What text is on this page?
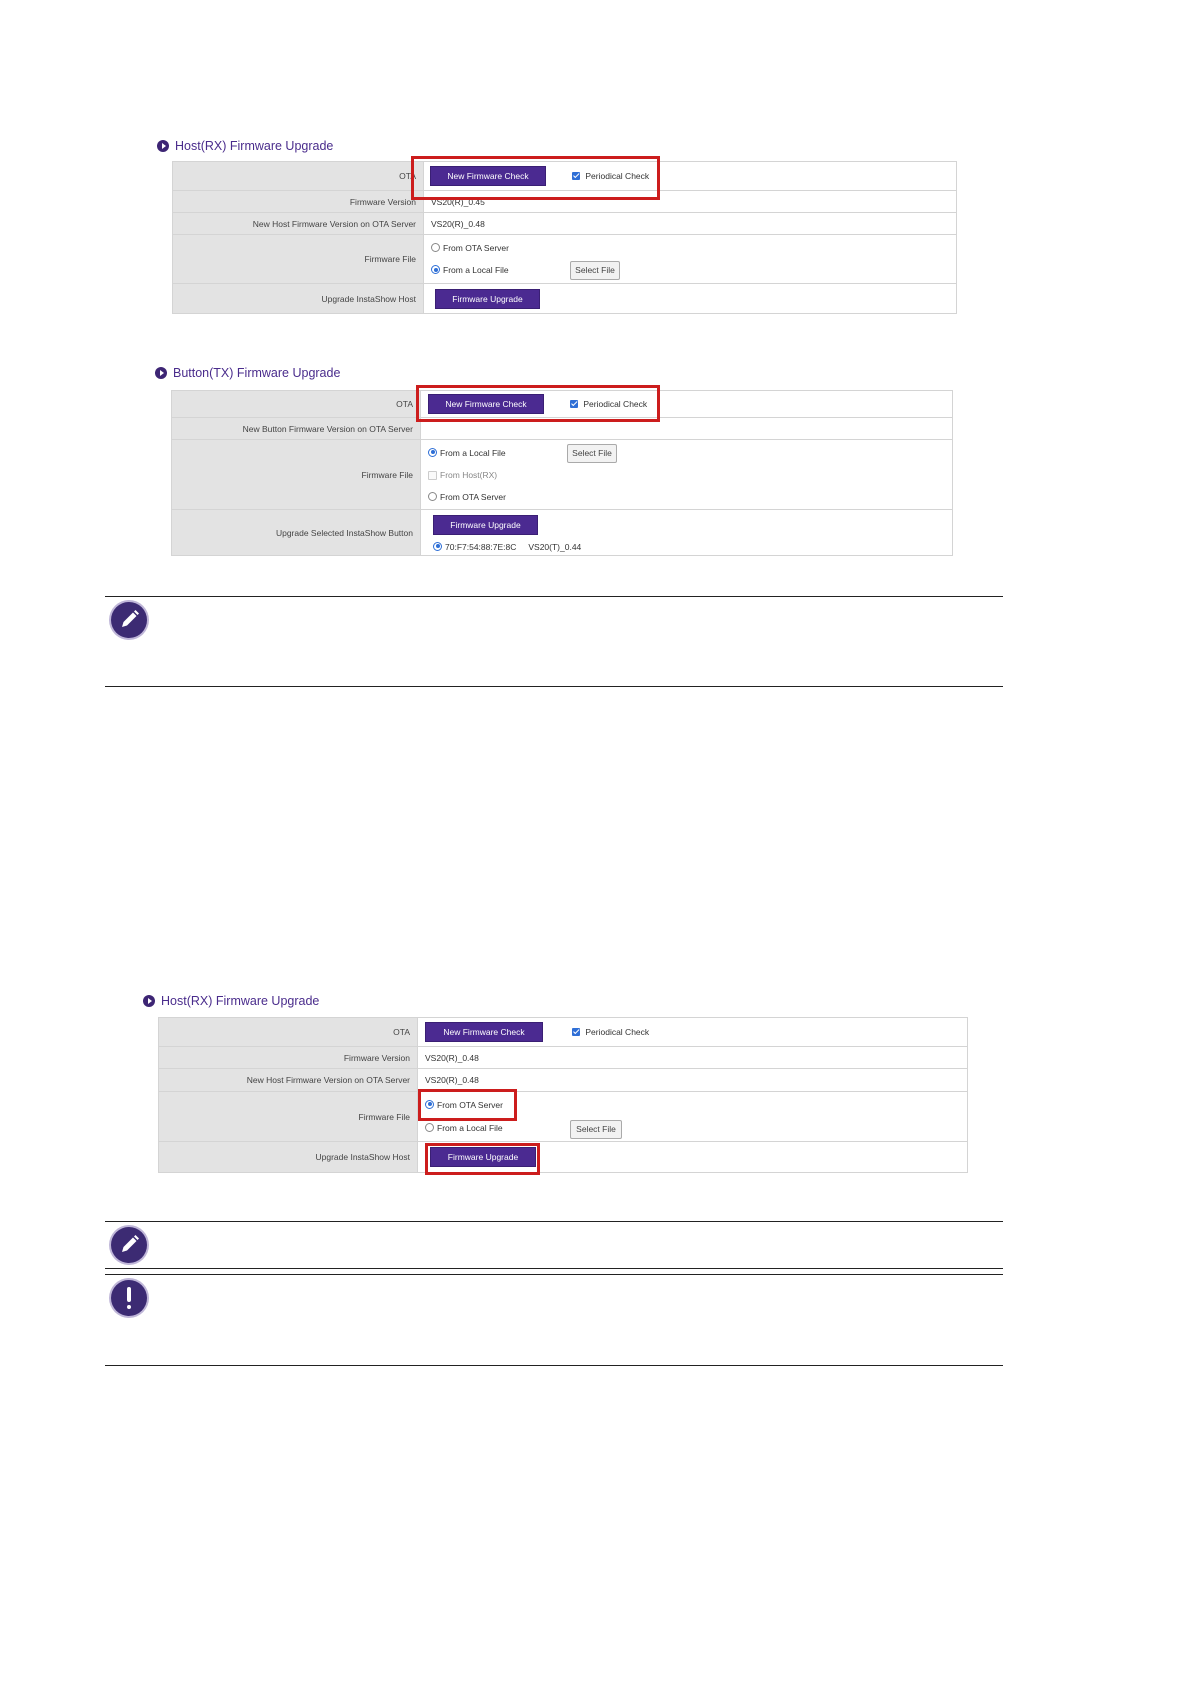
Host(RX) Firmware Upgrade
OTA	New Firmware Check Periodical Check
Firmware Version	VS20(R)_0.45
New Host Firmware Version on OTA Server	VS20(R)_0.48
Firmware File	From OTA Server
From a Local File Select File

Upgrade InstaShow Host	Firmware Upgrade
Button(TX) Firmware Upgrade
OTA	New Firmware Check Periodical Check
New Button Firmware Version on OTA Server	
Firmware File	From a Local File Select File
From Host(RX)
From OTA Server

Upgrade Selected InstaShow Button	Firmware Upgrade
70:F7:54:88:7E:8C VS20(T)_0.44
Host(RX) Firmware Upgrade
OTA	New Firmware Check Periodical Check
Firmware Version	VS20(R)_0.48
New Host Firmware Version on OTA Server	VS20(R)_0.48
Firmware File	From OTA Server
From a Local File Select File

Upgrade InstaShow Host	Firmware Upgrade
